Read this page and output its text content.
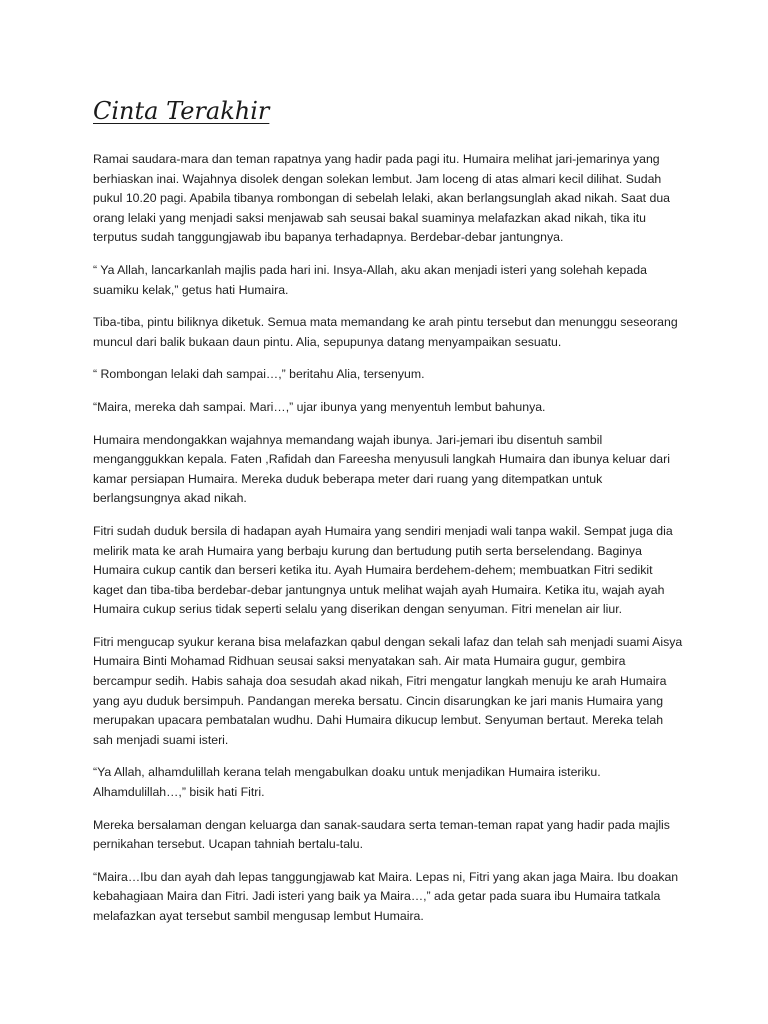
Cinta Terakhir

Ramai saudara-mara dan teman rapatnya yang hadir pada pagi itu. Humaira melihat jari-jemarinya yang berhiaskan inai. Wajahnya disolek dengan solekan lembut. Jam loceng di atas almari kecil dilihat. Sudah pukul 10.20 pagi. Apabila tibanya rombongan di sebelah lelaki, akan berlangsunglah akad nikah. Saat dua orang lelaki yang menjadi saksi menjawab sah seusai bakal suaminya melafazkan akad nikah, tika itu terputus sudah tanggungjawab ibu bapanya terhadapnya. Berdebar-debar jantungnya.

“ Ya Allah, lancarkanlah majlis pada hari ini. Insya-Allah, aku akan menjadi isteri yang solehah kepada suamiku kelak,” getus hati Humaira.

Tiba-tiba, pintu biliknya diketuk. Semua mata memandang ke arah pintu tersebut dan menunggu seseorang muncul dari balik bukaan daun pintu. Alia, sepupunya datang menyampaikan sesuatu.

“ Rombongan lelaki dah sampai…,” beritahu Alia, tersenyum.

“Maira, mereka dah sampai. Mari…,” ujar ibunya yang menyentuh lembut bahunya.

Humaira mendongakkan wajahnya memandang wajah ibunya. Jari-jemari ibu disentuh sambil menganggukkan kepala. Faten ,Rafidah dan Fareesha menyusuli langkah Humaira dan ibunya keluar dari kamar persiapan Humaira. Mereka duduk beberapa meter dari ruang yang ditempatkan untuk berlangsungnya akad nikah.

Fitri sudah duduk bersila di hadapan ayah Humaira yang sendiri menjadi wali tanpa wakil. Sempat juga dia melirik mata ke arah Humaira yang berbaju kurung dan bertudung putih serta berselendang. Baginya Humaira cukup cantik dan berseri ketika itu. Ayah Humaira berdehem-dehem; membuatkan Fitri sedikit kaget dan tiba-tiba berdebar-debar jantungnya untuk melihat wajah ayah Humaira. Ketika itu, wajah ayah Humaira cukup serius tidak seperti selalu yang diserikan dengan senyuman. Fitri menelan air liur.

Fitri mengucap syukur kerana bisa melafazkan qabul dengan sekali lafaz dan telah sah menjadi suami Aisya Humaira Binti Mohamad Ridhuan seusai saksi menyatakan sah. Air mata Humaira gugur, gembira bercampur sedih. Habis sahaja doa sesudah akad nikah, Fitri mengatur langkah menuju ke arah Humaira yang ayu duduk bersimpuh. Pandangan mereka bersatu. Cincin disarungkan ke jari manis Humaira yang merupakan upacara pembatalan wudhu. Dahi Humaira dikucup lembut. Senyuman bertaut. Mereka telah sah menjadi suami isteri.

“Ya Allah, alhamdulillah kerana telah mengabulkan doaku untuk menjadikan Humaira isteriku. Alhamdulillah…,” bisik hati Fitri.

Mereka bersalaman dengan keluarga dan sanak-saudara serta teman-teman rapat yang hadir pada majlis pernikahan tersebut. Ucapan tahniah bertalu-talu.

“Maira…Ibu dan ayah dah lepas tanggungjawab kat Maira. Lepas ni, Fitri yang akan jaga Maira. Ibu doakan kebahagiaan Maira dan Fitri. Jadi isteri yang baik ya Maira…,” ada getar pada suara ibu Humaira tatkala melafazkan ayat tersebut sambil mengusap lembut Humaira.
